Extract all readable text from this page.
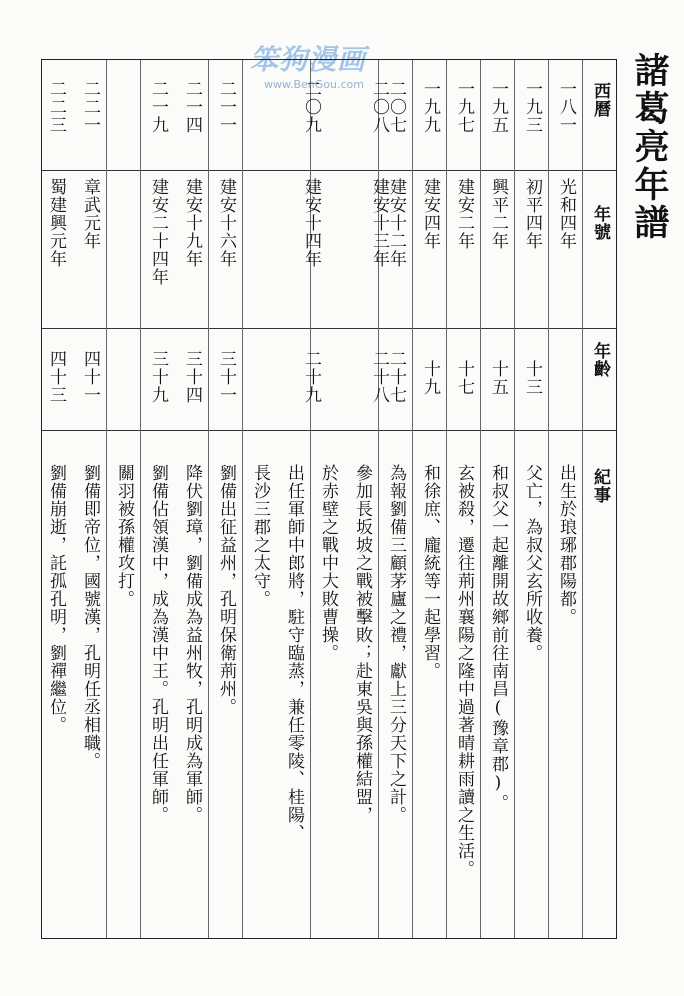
諸葛亮年譜
笨狗漫画
www.BenGou.com	西曆
年號
年齡
紀事
一八一
光和四年
出生於琅琊郡陽都。
一九三
初平四年
十三
父亡，為叔父玄所收養。
一九五
興平二年
十五
和叔父一起離開故鄉前往南昌(豫章郡)。
一九七
建安二年
十七
玄被殺，遷往荊州襄陽之隆中過著晴耕雨讀之生活。
一九九
建安四年
十九
和徐庶、龐統等一起學習。
二〇七
建安十二年
二十七
為報劉備三顧茅廬之禮，獻上三分天下之計。
二〇八
建安十三年
二十八
參加長坂坡之戰被擊敗；赴東吳與孫權結盟，
於赤壁之戰中大敗曹操。
二〇九
建安十四年
二十九
出任軍師中郎將，駐守臨蒸，兼任零陵、桂陽、
長沙三郡之太守。
二一一
建安十六年
三十一
劉備出征益州，孔明保衛荊州。
二一四
建安十九年
三十四
降伏劉璋，劉備成為益州牧，孔明成為軍師。
關羽被孫權攻打。
二一九
建安二十四年
三十九
劉備佔領漢中，成為漢中王。孔明出任軍師。
二二一
章武元年
四十一
劉備即帝位，國號漢，孔明任丞相職。
二二三
蜀建興元年
四十三
劉備崩逝，託孤孔明，劉禪繼位。
